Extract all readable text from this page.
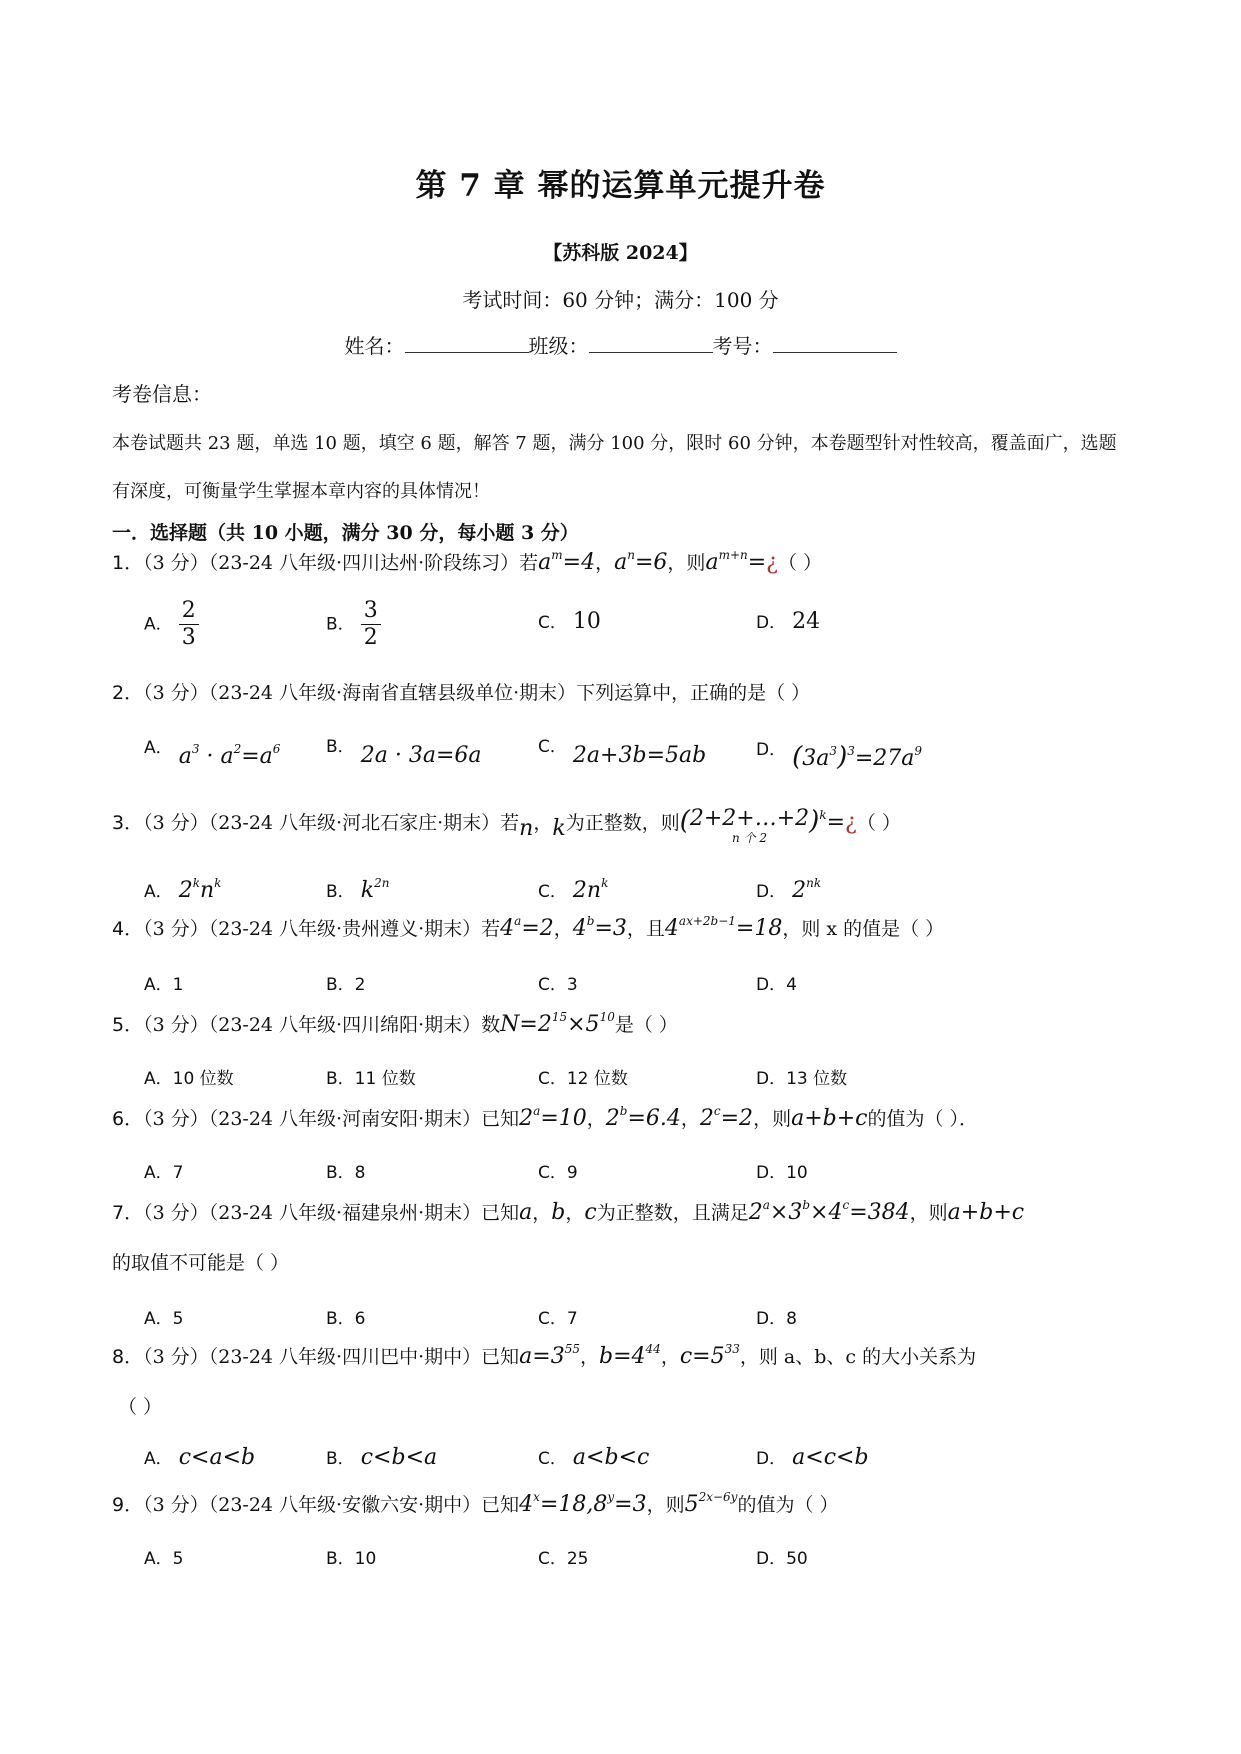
第 7 章 幂的运算单元提升卷
【苏科版 2024】
考试时间：60 分钟；满分：100 分
姓名：	班级：	考号：
考卷信息：
本卷试题共 23 题，单选 10 题，填空 6 题，解答 7 题，满分 100 分，限时 60 分钟，本卷题型针对性较高，覆盖面广，选题有深度，可衡量学生掌握本章内容的具体情况！
一．选择题（共 10 小题，满分 30 分，每小题 3 分）
1．（3 分）（23-24 八年级·四川达州·阶段练习）若$a^m=4$，$a^n=6$，则$a^{m+n}=¿$（ ）
A． $\frac{2}{3}$	B． $\frac{3}{2}$	C． 10	D． 24
2．（3 分）（23-24 八年级·海南省直辖县级单位·期末）下列运算中，正确的是（ ）
A． $a^3 \cdot a^2=a^6$	B． 2a · 3a=6a	C． 2a+3b=5ab	D． $(3a^3)^3=27a^9$
3．（3 分）（23-24 八年级·河北石家庄·期末）若n，k为正整数，则(2+2+…+2
n 个 2
)$^k$=¿（ ）
A． $2^kn^k$	B． $k^{2n}$	C． $2n^k$	D． $2^{nk}$
4．（3 分）（23-24 八年级·贵州遵义·期末）若$4^a=2$，$4^b=3$，且$4^{ax+2b-1}=18$，则 x 的值是（ ）
A．1	B．2	C．3	D．4
5．（3 分）（23-24 八年级·四川绵阳·期末）数$N=2^{15}\times 5^{10}$是（ ）
A．10 位数	B．11 位数	C．12 位数	D．13 位数
6．（3 分）（23-24 八年级·河南安阳·期末）已知$2^a=10$，$2^b=6.4$，$2^c=2$，则a+b+c的值为（ ）．
A．7	B．8	C．9	D．10
7．（3 分）（23-24 八年级·福建泉州·期末）已知a，b，c为正整数，且满足$2^a\times 3^b\times 4^c=384$，则a+b+c
的取值不可能是（ ）
A．5	B．6	C．7	D．8
8．（3 分）（23-24 八年级·四川巴中·期中）已知$a=3^{55}$，$b=4^{44}$，$c=5^{33}$，则 a、b、c 的大小关系为
（ ）
A． c<a<b	B． c<b<a	C． a<b<c	D． a<c<b
9．（3 分）（23-24 八年级·安徽六安·期中）已知$4^x=18,8^y=3$，则$5^{2x-6y}$的值为（ ）
A．5	B．10	C．25	D．50
